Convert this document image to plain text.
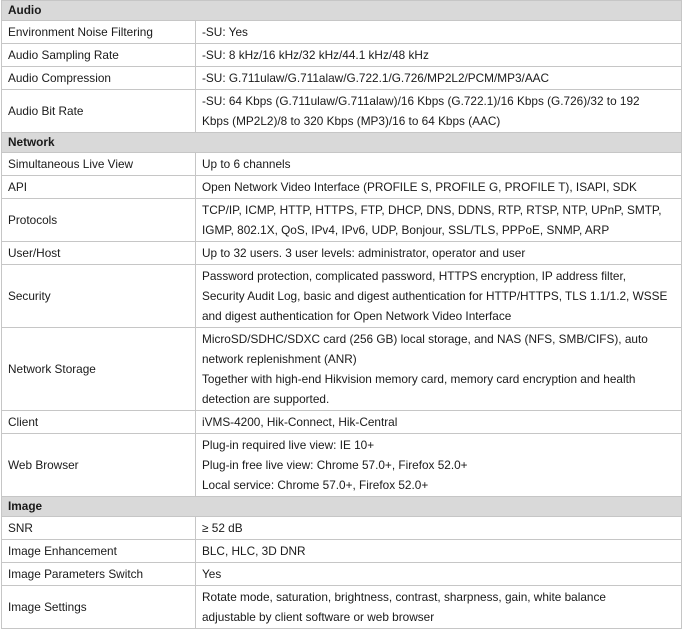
Audio	
Environment Noise Filtering	-SU: Yes

Audio Sampling Rate	-SU: 8 kHz/16 kHz/32 kHz/44.1 kHz/48 kHz

Audio Compression	-SU: G.711ulaw/G.711alaw/G.722.1/G.726/MP2L2/PCM/MP3/AAC

Audio Bit Rate	-SU: 64 Kbps (G.711ulaw/G.711alaw)/16 Kbps (G.722.1)/16 Kbps (G.726)/32 to 192
Kbps (MP2L2)/8 to 320 Kbps (MP3)/16 to 64 Kbps (AAC)

Network	
Simultaneous Live View	Up to 6 channels

API	Open Network Video Interface (PROFILE S, PROFILE G, PROFILE T), ISAPI, SDK

Protocols	TCP/IP, ICMP, HTTP, HTTPS, FTP, DHCP, DNS, DDNS, RTP, RTSP, NTP, UPnP, SMTP,
IGMP, 802.1X, QoS, IPv4, IPv6, UDP, Bonjour, SSL/TLS, PPPoE, SNMP, ARP

User/Host	Up to 32 users. 3 user levels: administrator, operator and user

Security	Password protection, complicated password, HTTPS encryption, IP address filter,
Security Audit Log, basic and digest authentication for HTTP/HTTPS, TLS 1.1/1.2, WSSE
and digest authentication for Open Network Video Interface

Network Storage	MicroSD/SDHC/SDXC card (256 GB) local storage, and NAS (NFS, SMB/CIFS), auto
network replenishment (ANR)
Together with high-end Hikvision memory card, memory card encryption and health
detection are supported.

Client	iVMS-4200, Hik-Connect, Hik-Central

Web Browser	Plug-in required live view: IE 10+
Plug-in free live view: Chrome 57.0+, Firefox 52.0+
Local service: Chrome 57.0+, Firefox 52.0+

Image	
SNR	≥ 52 dB

Image Enhancement	BLC, HLC, 3D DNR

Image Parameters Switch	Yes

Image Settings	Rotate mode, saturation, brightness, contrast, sharpness, gain, white balance
adjustable by client software or web browser
